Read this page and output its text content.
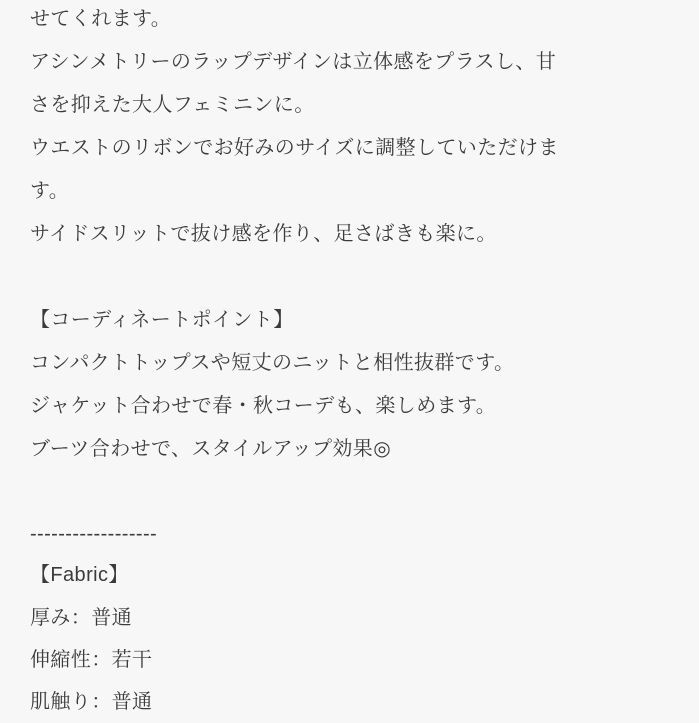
せてくれます。
アシンメトリーのラップデザインは立体感をプラスし、甘
さを抑えた大人フェミニンに。
ウエストのリボンでお好みのサイズに調整していただけま
す。
サイドスリットで抜け感を作り、足さばきも楽に。
【コーディネートポイント】
コンパクトトップスや短丈のニットと相性抜群です。
ジャケット合わせで春・秋コーデも、楽しめます。
ブーツ合わせで、スタイルアップ効果◎
------------------
【Fabric】
厚み：普通
伸縮性：若干
肌触り：普通
